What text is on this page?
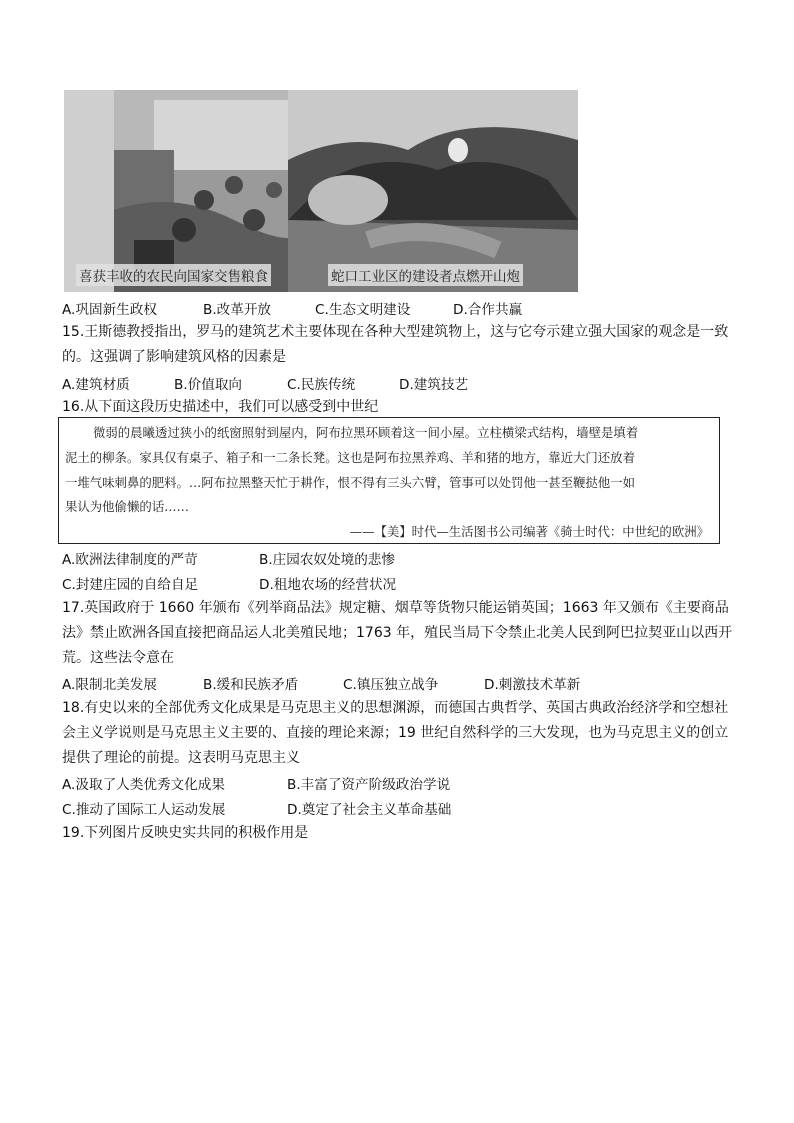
喜获丰收的农民向国家交售粮食	蛇口工业区的建设者点燃开山炮
A.巩固新生政权	B.改革开放	C.生态文明建设	D.合作共赢
15.王斯德教授指出，罗马的建筑艺术主要体现在各种大型建筑物上，这与它夸示建立强大国家的观念是一致
的。这强调了影响建筑风格的因素是
A.建筑材质	B.价值取向	C.民族传统	D.建筑技艺
16.从下面这段历史描述中，我们可以感受到中世纪
微弱的晨曦透过狭小的纸窗照射到屋内，阿布拉黑环顾着这一间小屋。立柱横梁式结构，墙壁是填着
泥土的柳条。家具仅有桌子、箱子和一二条长凳。这也是阿布拉黑养鸡、羊和猪的地方，靠近大门还放着
一堆气味刺鼻的肥料。…阿布拉黑整天忙于耕作，恨不得有三头六臂，管事可以处罚他一甚至鞭挞他一如
果认为他偷懒的话……
——【美】时代—生活图书公司编著《骑士时代：中世纪的欧洲》
A.欧洲法律制度的严苛	B.庄园农奴处境的悲惨
C.封建庄园的自给自足	D.租地农场的经营状况
17.英国政府于 1660 年颁布《列举商品法》规定糖、烟草等货物只能运销英国；1663 年又颁布《主要商品
法》禁止欧洲各国直接把商品运人北美殖民地；1763 年，殖民当局下令禁止北美人民到阿巴拉契亚山以西开
荒。这些法令意在
A.限制北美发展	B.缓和民族矛盾	C.镇压独立战争	D.刺激技术革新
18.有史以来的全部优秀文化成果是马克思主义的思想渊源，而德国古典哲学、英国古典政治经济学和空想社
会主义学说则是马克思主义主要的、直接的理论来源；19 世纪自然科学的三大发现，也为马克思主义的创立
提供了理论的前提。这表明马克思主义
A.汲取了人类优秀文化成果	B.丰富了资产阶级政治学说
C.推动了国际工人运动发展	D.奠定了社会主义革命基础
19.下列图片反映史实共同的积极作用是
